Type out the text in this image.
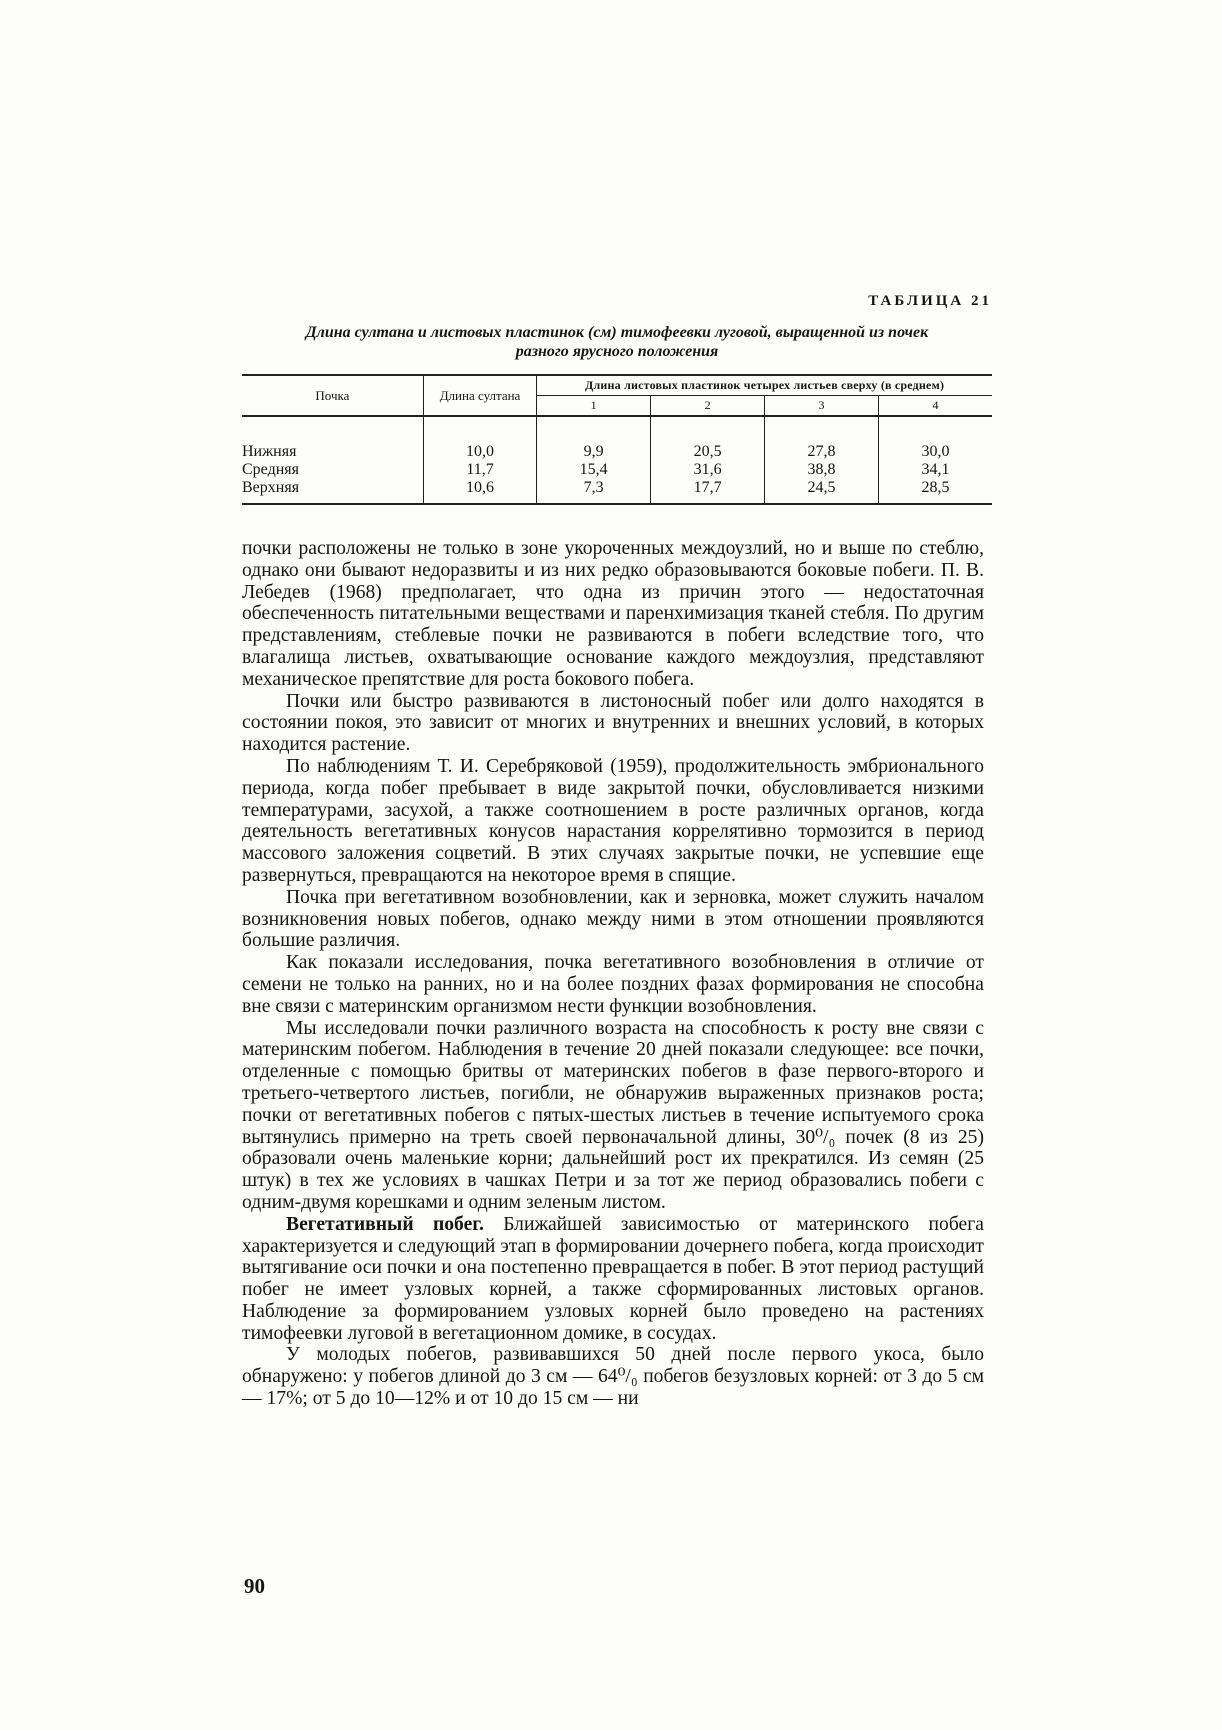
ТАБЛИЦА 21
Длина султана и листовых пластинок (см) тимофеевки луговой, выращенной из почек
разного ярусного положения
Почка	Длина султана	Длина листовых пластинок четырех листьев сверху (в среднем)			
		1	2	3	4
Нижняя	10,0	9,9	20,5	27,8	30,0
Средняя	11,7	15,4	31,6	38,8	34,1
Верхняя	10,6	7,3	17,7	24,5	28,5

почки расположены не только в зоне укороченных междоузлий, но и выше по стеблю, однако они бывают недоразвиты и из них редко образовываются боковые побеги. П. В. Лебедев (1968) предполагает, что одна из причин этого — недостаточная обеспеченность питательными веществами и паренхимизация тканей стебля. По другим представлениям, стеблевые почки не развиваются в побеги вследствие того, что влагалища листьев, охватывающие основание каждого междоузлия, представляют механическое препятствие для роста бокового побега.

Почки или быстро развиваются в листоносный побег или долго находятся в состоянии покоя, это зависит от многих и внутренних и внешних условий, в которых находится растение.

По наблюдениям Т. И. Серебряковой (1959), продолжительность эмбрионального периода, когда побег пребывает в виде закрытой почки, обусловливается низкими температурами, засухой, а также соотношением в росте различных органов, когда деятельность вегетативных конусов нарастания коррелятивно тормозится в период массового заложения соцветий. В этих случаях закрытые почки, не успевшие еще развернуться, превращаются на некоторое время в спящие.

Почка при вегетативном возобновлении, как и зерновка, может служить началом возникновения новых побегов, однако между ними в этом отношении проявляются большие различия.

Как показали исследования, почка вегетативного возобновления в отличие от семени не только на ранних, но и на более поздних фазах формирования не способна вне связи с материнским организмом нести функции возобновления.

Мы исследовали почки различного возраста на способность к росту вне связи с материнским побегом. Наблюдения в течение 20 дней показали следующее: все почки, отделенные с помощью бритвы от материнских побегов в фазе первого-второго и третьего-четвертого листьев, погибли, не обнаружив выраженных признаков роста; почки от вегетативных побегов с пятых-шестых листьев в течение испытуемого срока вытянулись примерно на треть своей первоначальной длины, 30⁰/₀ почек (8 из 25) образовали очень маленькие корни; дальнейший рост их прекратился. Из семян (25 штук) в тех же условиях в чашках Петри и за тот же период образовались побеги с одним-двумя корешками и одним зеленым листом.

Вегетативный побег. Ближайшей зависимостью от материнского побега характеризуется и следующий этап в формировании дочернего побега, когда происходит вытягивание оси почки и она постепенно превращается в побег. В этот период растущий побег не имеет узловых корней, а также сформированных листовых органов. Наблюдение за формированием узловых корней было проведено на растениях тимофеевки луговой в вегетационном домике, в сосудах.

У молодых побегов, развивавшихся 50 дней после первого укоса, было обнаружено: у побегов длиной до 3 см — 64⁰/₀ побегов безузловых корней: от 3 до 5 см — 17%; от 5 до 10—12% и от 10 до 15 см — ни

90
